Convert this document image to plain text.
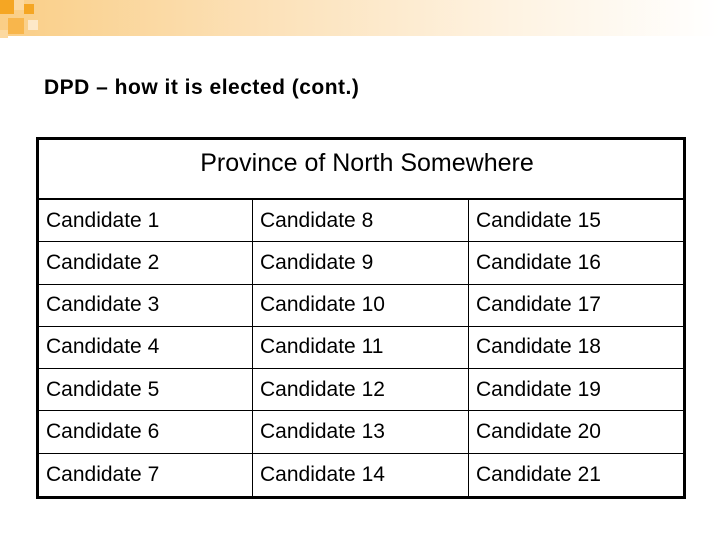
DPD – how it is elected (cont.)
Province of North Somewhere
Candidate 1	Candidate 8	Candidate 15
Candidate 2	Candidate 9	Candidate 16
Candidate 3	Candidate 10	Candidate 17
Candidate 4	Candidate 11	Candidate 18
Candidate 5	Candidate 12	Candidate 19
Candidate 6	Candidate 13	Candidate 20
Candidate 7	Candidate 14	Candidate 21
